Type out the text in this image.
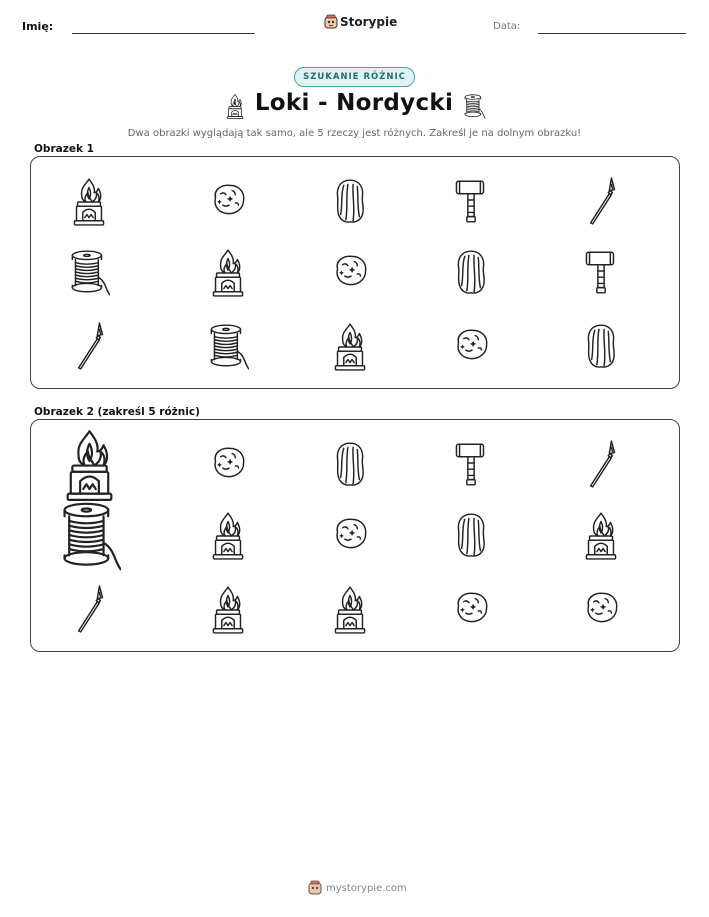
Imię:	Storypie	Data:
SZUKANIE RÓŻNIC
Loki - Nordycki
Dwa obrazki wyglądają tak samo, ale 5 rzeczy jest różnych. Zakreśl je na dolnym obrazku!
Obrazek 1
Obrazek 2 (zakreśl 5 różnic)
mystorypie.com
